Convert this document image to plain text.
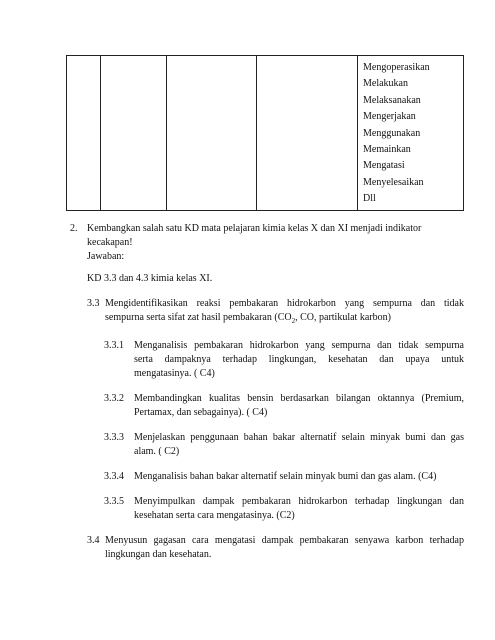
Mengoperasikan
Melakukan
Melaksanakan
Mengerjakan
Menggunakan
Memainkan
Mengatasi
Menyelesaikan
Dll
2. Kembangkan salah satu KD mata pelajaran kimia kelas X dan XI menjadi indikator
kecakapan!
Jawaban:
KD 3.3 dan 4.3 kimia kelas XI.
3.3 Mengidentifikasikan reaksi pembakaran hidrokarbon yang sempurna dan tidak
sempurna serta sifat zat hasil pembakaran ($CO_2$, CO, partikulat karbon)
3.3.1 Menganalisis pembakaran hidrokarbon yang sempurna dan tidak sempurna
serta dampaknya terhadap lingkungan, kesehatan dan upaya untuk
mengatasinya. ( C4)
3.3.2 Membandingkan kualitas bensin berdasarkan bilangan oktannya (Premium,
Pertamax, dan sebagainya). ( C4)
3.3.3 Menjelaskan penggunaan bahan bakar alternatif selain minyak bumi dan gas
alam. ( C2)
3.3.4 Menganalisis bahan bakar alternatif selain minyak bumi dan gas alam. (C4)
3.3.5 Menyimpulkan dampak pembakaran hidrokarbon terhadap lingkungan dan
kesehatan serta cara mengatasinya. (C2)
3.4 Menyusun gagasan cara mengatasi dampak pembakaran senyawa karbon terhadap
lingkungan dan kesehatan.
